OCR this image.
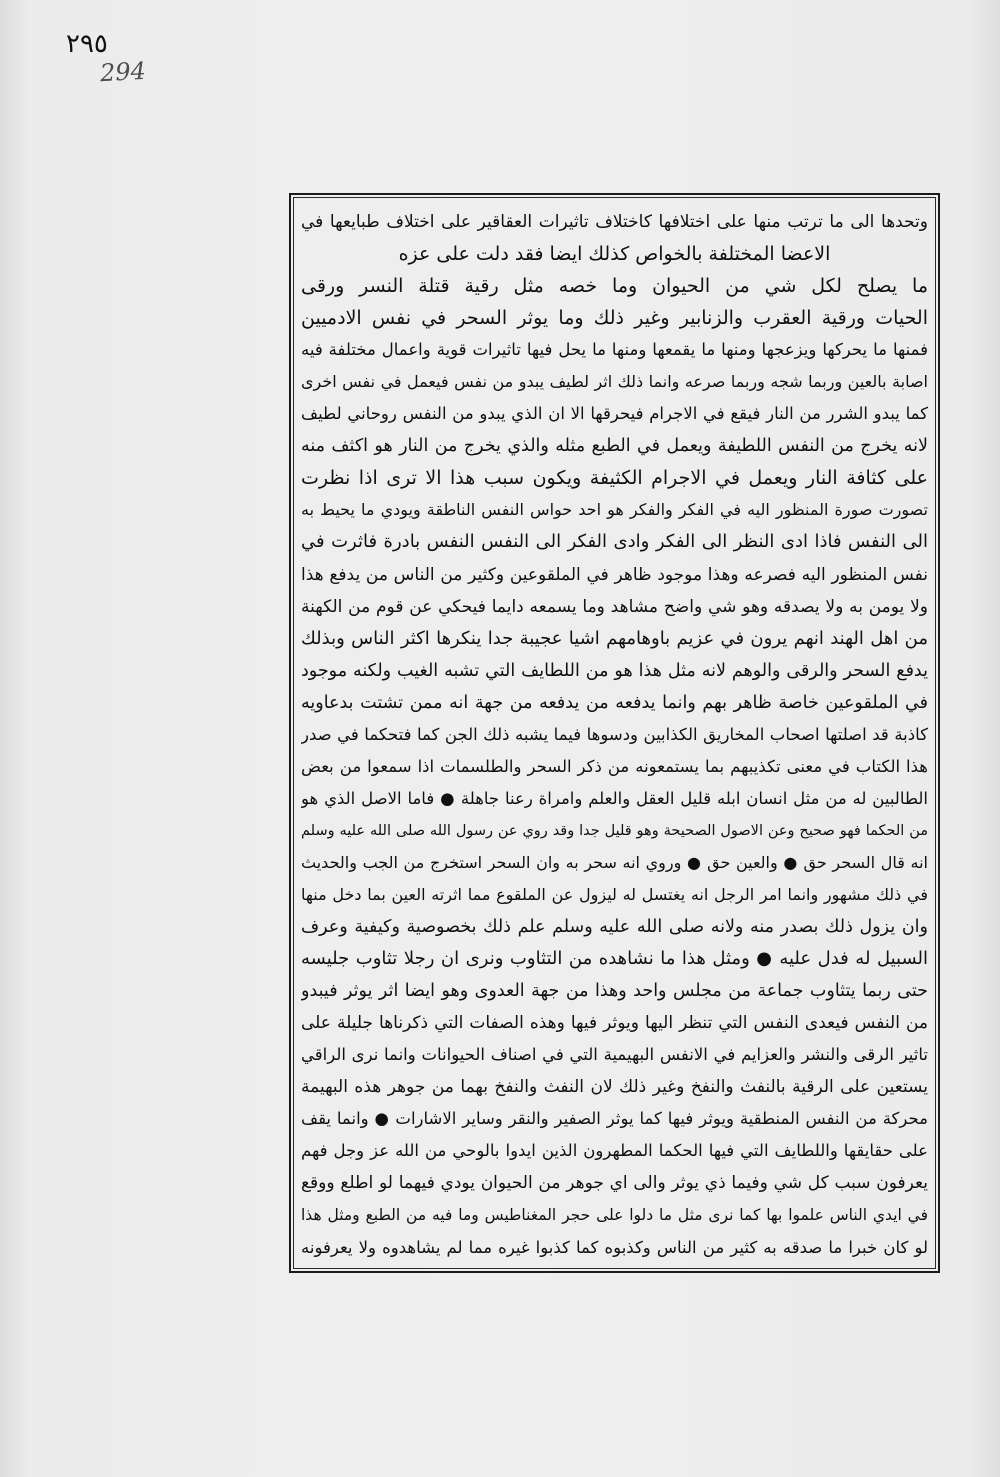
٢٩٥
294
وتحدها الى ما ترتب منها على اختلافها كاختلاف تاثيرات العقاقير على اختلاف طبايعها في
الاعضا المختلفة بالخواص كذلك ايضا فقد دلت على عزه
ما يصلح لكل شي من الحيوان وما خصه مثل رقية قتلة النسر ورقى
الحيات ورقية العقرب والزنابير وغير ذلك وما يوثر السحر في نفس الادميين
فمنها ما يحركها ويزعجها ومنها ما يقمعها ومنها ما يحل فيها تاثيرات قوية واعمال مختلفة فيه
اصابة بالعين وربما شجه وربما صرعه وانما ذلك اثر لطيف يبدو من نفس فيعمل في نفس اخرى
كما يبدو الشرر من النار فيقع في الاجرام فيحرقها الا ان الذي يبدو من النفس روحاني لطيف
لانه يخرج من النفس اللطيفة ويعمل في الطبع مثله والذي يخرج من النار هو اكثف منه
على كثافة النار ويعمل في الاجرام الكثيفة ويكون سبب هذا الا ترى اذا نظرت
تصورت صورة المنظور اليه في الفكر والفكر هو احد حواس النفس الناطقة ويودي ما يحيط به
الى النفس فاذا ادى النظر الى الفكر وادى الفكر الى النفس النفس بادرة فاثرت في
نفس المنظور اليه فصرعه وهذا موجود ظاهر في الملقوعين وكثير من الناس من يدفع هذا
ولا يومن به ولا يصدقه وهو شي واضح مشاهد وما يسمعه دايما فيحكي عن قوم من الكهنة
من اهل الهند انهم يرون في عزيم باوهامهم اشيا عجيبة جدا ينكرها اكثر الناس وبذلك
يدفع السحر والرقى والوهم لانه مثل هذا هو من اللطايف التي تشبه الغيب ولكنه موجود
في الملقوعين خاصة ظاهر بهم وانما يدفعه من يدفعه من جهة انه ممن تشتت بدعاويه
كاذبة قد اصلتها اصحاب المخاريق الكذابين ودسوها فيما يشبه ذلك الجن كما فتحكما في صدر
هذا الكتاب في معنى تكذيبهم بما يستمعونه من ذكر السحر والطلسمات اذا سمعوا من بعض
الطالبين له من مثل انسان ابله قليل العقل والعلم وامراة رعنا جاهلة ● فاما الاصل الذي هو
من الحكما فهو صحيح وعن الاصول الصحيحة وهو قليل جدا وقد روي عن رسول الله صلى الله عليه وسلم
انه قال السحر حق ● والعين حق ● وروي انه سحر به وان السحر استخرج من الجب والحديث
في ذلك مشهور وانما امر الرجل انه يغتسل له ليزول عن الملقوع مما اثرته العين بما دخل منها
وان يزول ذلك بصدر منه ولانه صلى الله عليه وسلم علم ذلك بخصوصية وكيفية وعرف
السبيل له فدل عليه ● ومثل هذا ما نشاهده من التثاوب ونرى ان رجلا تثاوب جليسه
حتى ربما يتثاوب جماعة من مجلس واحد وهذا من جهة العدوى وهو ايضا اثر يوثر فيبدو
من النفس فيعدى النفس التي تنظر اليها ويوثر فيها وهذه الصفات التي ذكرناها جليلة على
تاثير الرقى والنشر والعزايم في الانفس البهيمية التي في اصناف الحيوانات وانما نرى الراقي
يستعين على الرقية بالنفث والنفخ وغير ذلك لان النفث والنفخ بهما من جوهر هذه البهيمة
محركة من النفس المنطقية ويوثر فيها كما يوثر الصفير والنقر وساير الاشارات ● وانما يقف
على حقايقها واللطايف التي فيها الحكما المطهرون الذين ايدوا بالوحي من الله عز وجل فهم
يعرفون سبب كل شي وفيما ذي يوثر والى اي جوهر من الحيوان يودي فيهما لو اطلع ووقع
في ايدي الناس علموا بها كما نرى مثل ما دلوا على حجر المغناطيس وما فيه من الطبع ومثل هذا
لو كان خبرا ما صدقه به كثير من الناس وكذبوه كما كذبوا غيره مما لم يشاهدوه ولا يعرفونه
